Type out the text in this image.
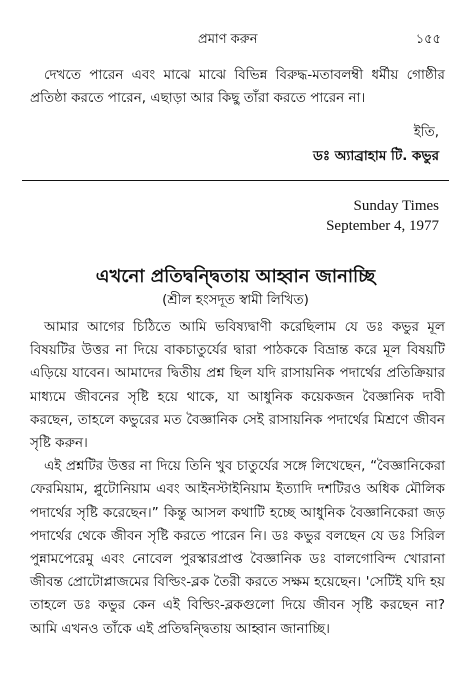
প্রমাণ করুন	১৫৫

দেখতে পারেন এবং মাঝে মাঝে বিভিন্ন বিরুদ্ধ-মতাবলম্বী ধর্মীয় গোষ্ঠীর প্রতিষ্ঠা করতে পারেন, এছাড়া আর কিছু তাঁরা করতে পারেন না।

ইতি,
ডঃ অ্যাব্রাহাম টি. কভুর
Sunday Times
September 4, 1977
এখনো প্রতিদ্বন্দ্বিতায় আহ্বান জানাচ্ছি
(শ্রীল হংসদূত স্বামী লিখিত)

আমার আগের চিঠিতে আমি ভবিষ্যদ্বাণী করেছিলাম যে ডঃ কভুর মূল বিষয়টির উত্তর না দিয়ে বাকচাতুর্যের দ্বারা পাঠককে বিভ্রান্ত করে মূল বিষয়টি এড়িয়ে যাবেন। আমাদের দ্বিতীয় প্রশ্ন ছিল যদি রাসায়নিক পদার্থের প্রতিক্রিয়ার মাধ্যমে জীবনের সৃষ্টি হয়ে থাকে, যা আধুনিক কয়েকজন বৈজ্ঞানিক দাবী করছেন, তাহলে কভুরের মত বৈজ্ঞানিক সেই রাসায়নিক পদার্থের মিশ্রণে জীবন সৃষ্টি করুন।

এই প্রশ্নটির উত্তর না দিয়ে তিনি খুব চাতুর্যের সঙ্গে লিখেছেন, “বৈজ্ঞানিকেরা ফেরমিয়াম, প্লুটোনিয়াম এবং আইনস্টাইনিয়াম ইত্যাদি দশটিরও অধিক মৌলিক পদার্থের সৃষ্টি করেছেন।” কিন্তু আসল কথাটি হচ্ছে আধুনিক বৈজ্ঞানিকেরা জড় পদার্থের থেকে জীবন সৃষ্টি করতে পারেন নি। ডঃ কভুর বলছেন যে ডঃ সিরিল পুন্নামপেরেমু এবং নোবেল পুরস্কারপ্রাপ্ত বৈজ্ঞানিক ডঃ বালগোবিন্দ খোরানা জীবন্ত প্রোটোপ্লাজমের বিল্ডিং-ব্লক তৈরী করতে সক্ষম হয়েছেন। 'সেটিই যদি হয় তাহলে ডঃ কভুর কেন এই বিল্ডিং-ব্লকগুলো দিয়ে জীবন সৃষ্টি করছেন না? আমি এখনও তাঁকে এই প্রতিদ্বন্দ্বিতায় আহ্বান জানাচ্ছি।
